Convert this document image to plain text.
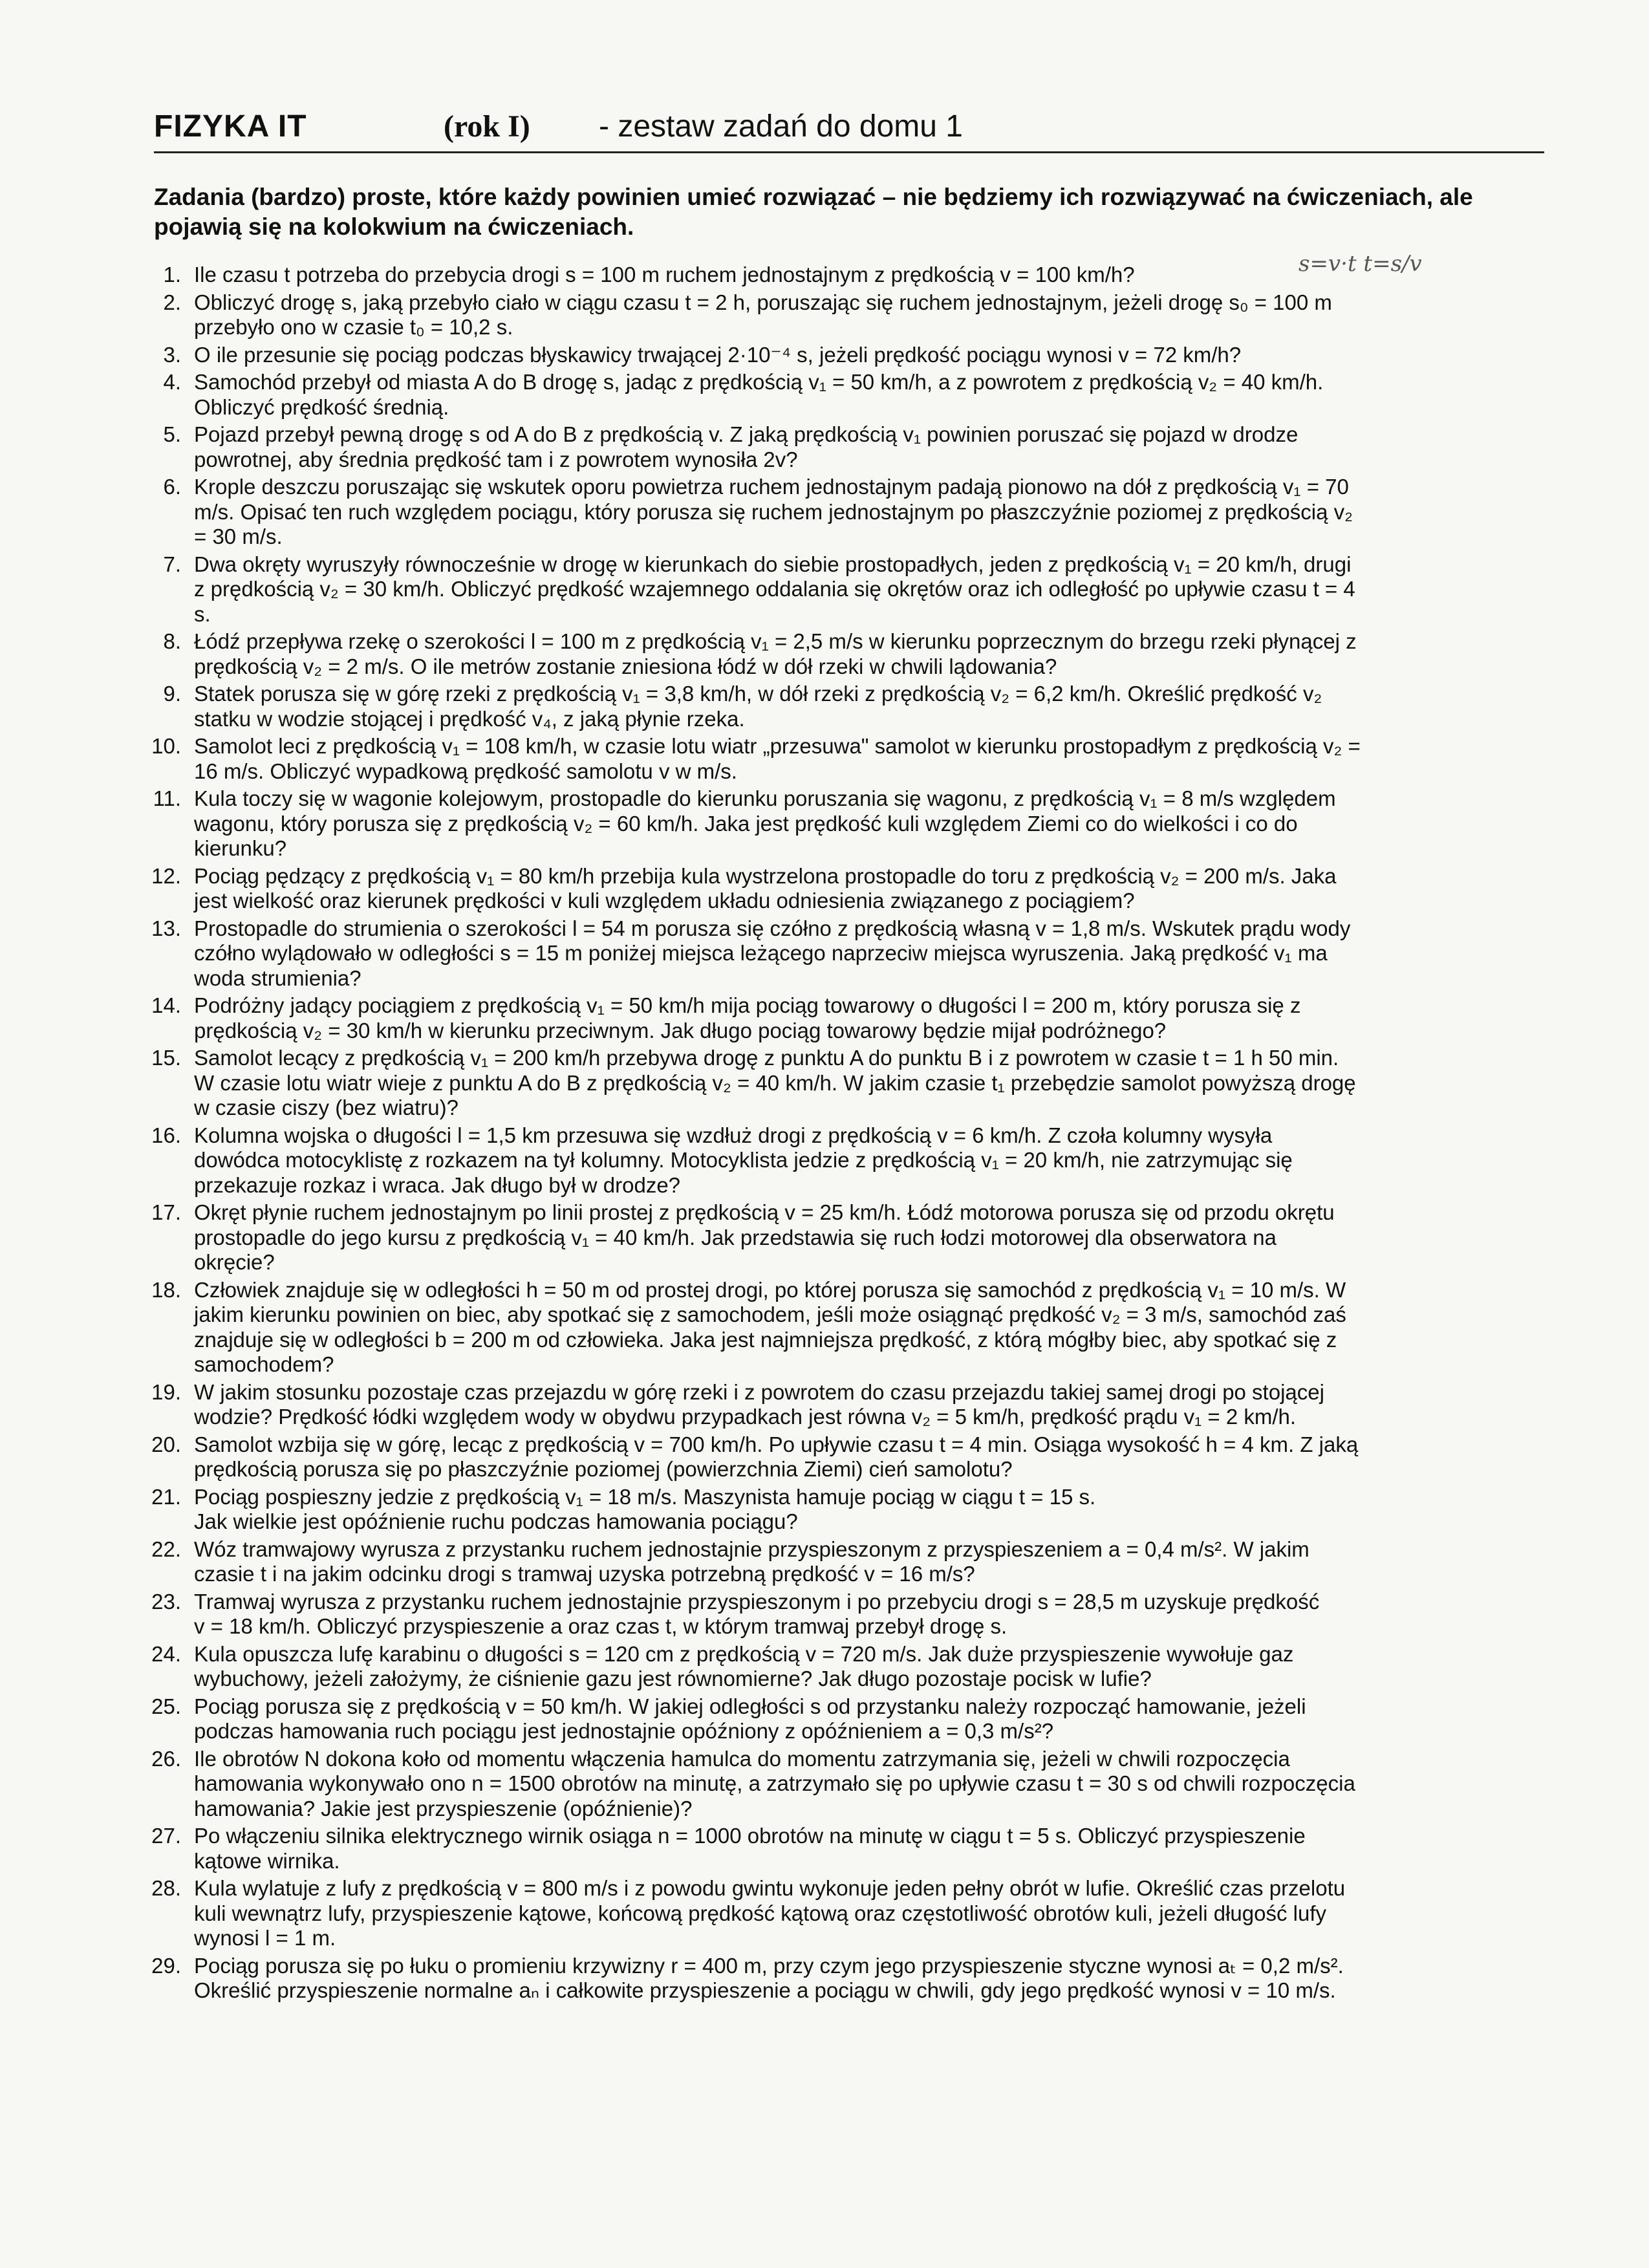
FIZYKA IT	(rok I) - zestaw zadań do domu 1
Zadania (bardzo) proste, które każdy powinien umieć rozwiązać – nie będziemy ich rozwiązywać na ćwiczeniach, ale pojawią się na kolokwium na ćwiczeniach.
s=v·t t=s/v
1. Ile czasu t potrzeba do przebycia drogi s = 100 m ruchem jednostajnym z prędkością v = 100 km/h?
2. Obliczyć drogę s, jaką przebyło ciało w ciągu czasu t = 2 h, poruszając się ruchem jednostajnym, jeżeli drogę s₀ = 100 m
przebyło ono w czasie t₀ = 10,2 s.
3. O ile przesunie się pociąg podczas błyskawicy trwającej 2·10⁻⁴ s, jeżeli prędkość pociągu wynosi v = 72 km/h?
4. Samochód przebył od miasta A do B drogę s, jadąc z prędkością v₁ = 50 km/h, a z powrotem z prędkością v₂ = 40 km/h.
Obliczyć prędkość średnią.
5. Pojazd przebył pewną drogę s od A do B z prędkością v. Z jaką prędkością v₁ powinien poruszać się pojazd w drodze
powrotnej, aby średnia prędkość tam i z powrotem wynosiła 2v?
6. Krople deszczu poruszając się wskutek oporu powietrza ruchem jednostajnym padają pionowo na dół z prędkością v₁ = 70
m/s. Opisać ten ruch względem pociągu, który porusza się ruchem jednostajnym po płaszczyźnie poziomej z prędkością v₂
= 30 m/s.
7. Dwa okręty wyruszyły równocześnie w drogę w kierunkach do siebie prostopadłych, jeden z prędkością v₁ = 20 km/h, drugi
z prędkością v₂ = 30 km/h. Obliczyć prędkość wzajemnego oddalania się okrętów oraz ich odległość po upływie czasu t = 4
s.
8. Łódź przepływa rzekę o szerokości l = 100 m z prędkością v₁ = 2,5 m/s w kierunku poprzecznym do brzegu rzeki płynącej z
prędkością v₂ = 2 m/s. O ile metrów zostanie zniesiona łódź w dół rzeki w chwili lądowania?
9. Statek porusza się w górę rzeki z prędkością v₁ = 3,8 km/h, w dół rzeki z prędkością v₂ = 6,2 km/h. Określić prędkość v₂
statku w wodzie stojącej i prędkość v₄, z jaką płynie rzeka.
10. Samolot leci z prędkością v₁ = 108 km/h, w czasie lotu wiatr „przesuwa" samolot w kierunku prostopadłym z prędkością v₂ =
16 m/s. Obliczyć wypadkową prędkość samolotu v w m/s.
11. Kula toczy się w wagonie kolejowym, prostopadle do kierunku poruszania się wagonu, z prędkością v₁ = 8 m/s względem
wagonu, który porusza się z prędkością v₂ = 60 km/h. Jaka jest prędkość kuli względem Ziemi co do wielkości i co do
kierunku?
12. Pociąg pędzący z prędkością v₁ = 80 km/h przebija kula wystrzelona prostopadle do toru z prędkością v₂ = 200 m/s. Jaka
jest wielkość oraz kierunek prędkości v kuli względem układu odniesienia związanego z pociągiem?
13. Prostopadle do strumienia o szerokości l = 54 m porusza się czółno z prędkością własną v = 1,8 m/s. Wskutek prądu wody
czółno wylądowało w odległości s = 15 m poniżej miejsca leżącego naprzeciw miejsca wyruszenia. Jaką prędkość v₁ ma
woda strumienia?
14. Podróżny jadący pociągiem z prędkością v₁ = 50 km/h mija pociąg towarowy o długości l = 200 m, który porusza się z
prędkością v₂ = 30 km/h w kierunku przeciwnym. Jak długo pociąg towarowy będzie mijał podróżnego?
15. Samolot lecący z prędkością v₁ = 200 km/h przebywa drogę z punktu A do punktu B i z powrotem w czasie t = 1 h 50 min.
W czasie lotu wiatr wieje z punktu A do B z prędkością v₂ = 40 km/h. W jakim czasie t₁ przebędzie samolot powyższą drogę
w czasie ciszy (bez wiatru)?
16. Kolumna wojska o długości l = 1,5 km przesuwa się wzdłuż drogi z prędkością v = 6 km/h. Z czoła kolumny wysyła
dowódca motocyklistę z rozkazem na tył kolumny. Motocyklista jedzie z prędkością v₁ = 20 km/h, nie zatrzymując się
przekazuje rozkaz i wraca. Jak długo był w drodze?
17. Okręt płynie ruchem jednostajnym po linii prostej z prędkością v = 25 km/h. Łódź motorowa porusza się od przodu okrętu
prostopadle do jego kursu z prędkością v₁ = 40 km/h. Jak przedstawia się ruch łodzi motorowej dla obserwatora na
okręcie?
18. Człowiek znajduje się w odległości h = 50 m od prostej drogi, po której porusza się samochód z prędkością v₁ = 10 m/s. W
jakim kierunku powinien on biec, aby spotkać się z samochodem, jeśli może osiągnąć prędkość v₂ = 3 m/s, samochód zaś
znajduje się w odległości b = 200 m od człowieka. Jaka jest najmniejsza prędkość, z którą mógłby biec, aby spotkać się z
samochodem?
19. W jakim stosunku pozostaje czas przejazdu w górę rzeki i z powrotem do czasu przejazdu takiej samej drogi po stojącej
wodzie? Prędkość łódki względem wody w obydwu przypadkach jest równa v₂ = 5 km/h, prędkość prądu v₁ = 2 km/h.
20. Samolot wzbija się w górę, lecąc z prędkością v = 700 km/h. Po upływie czasu t = 4 min. Osiąga wysokość h = 4 km. Z jaką
prędkością porusza się po płaszczyźnie poziomej (powierzchnia Ziemi) cień samolotu?
21. Pociąg pospieszny jedzie z prędkością v₁ = 18 m/s. Maszynista hamuje pociąg w ciągu t = 15 s.
Jak wielkie jest opóźnienie ruchu podczas hamowania pociągu?
22. Wóz tramwajowy wyrusza z przystanku ruchem jednostajnie przyspieszonym z przyspieszeniem a = 0,4 m/s². W jakim
czasie t i na jakim odcinku drogi s tramwaj uzyska potrzebną prędkość v = 16 m/s?
23. Tramwaj wyrusza z przystanku ruchem jednostajnie przyspieszonym i po przebyciu drogi s = 28,5 m uzyskuje prędkość
v = 18 km/h. Obliczyć przyspieszenie a oraz czas t, w którym tramwaj przebył drogę s.
24. Kula opuszcza lufę karabinu o długości s = 120 cm z prędkością v = 720 m/s. Jak duże przyspieszenie wywołuje gaz
wybuchowy, jeżeli założymy, że ciśnienie gazu jest równomierne? Jak długo pozostaje pocisk w lufie?
25. Pociąg porusza się z prędkością v = 50 km/h. W jakiej odległości s od przystanku należy rozpocząć hamowanie, jeżeli
podczas hamowania ruch pociągu jest jednostajnie opóźniony z opóźnieniem a = 0,3 m/s²?
26. Ile obrotów N dokona koło od momentu włączenia hamulca do momentu zatrzymania się, jeżeli w chwili rozpoczęcia
hamowania wykonywało ono n = 1500 obrotów na minutę, a zatrzymało się po upływie czasu t = 30 s od chwili rozpoczęcia
hamowania? Jakie jest przyspieszenie (opóźnienie)?
27. Po włączeniu silnika elektrycznego wirnik osiąga n = 1000 obrotów na minutę w ciągu t = 5 s. Obliczyć przyspieszenie
kątowe wirnika.
28. Kula wylatuje z lufy z prędkością v = 800 m/s i z powodu gwintu wykonuje jeden pełny obrót w lufie. Określić czas przelotu
kuli wewnątrz lufy, przyspieszenie kątowe, końcową prędkość kątową oraz częstotliwość obrotów kuli, jeżeli długość lufy
wynosi l = 1 m.
29. Pociąg porusza się po łuku o promieniu krzywizny r = 400 m, przy czym jego przyspieszenie styczne wynosi aₜ = 0,2 m/s².
Określić przyspieszenie normalne aₙ i całkowite przyspieszenie a pociągu w chwili, gdy jego prędkość wynosi v = 10 m/s.
